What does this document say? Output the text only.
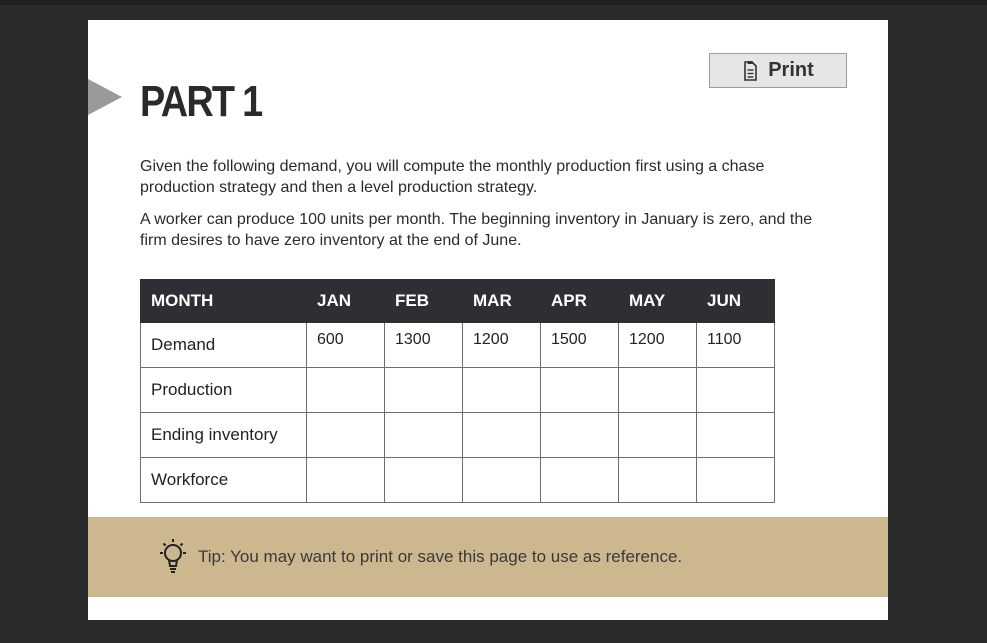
PART 1
Print

Given the following demand, you will compute the monthly production first using a chase production strategy and then a level production strategy.

A worker can produce 100 units per month. The beginning inventory in January is zero, and the firm desires to have zero inventory at the end of June.

MONTH	JAN	FEB	MAR	APR	MAY	JUN
Demand	600	1300	1200	1500	1200	1100
Production						
Ending inventory						
Workforce						
Tip: You may want to print or save this page to use as reference.
